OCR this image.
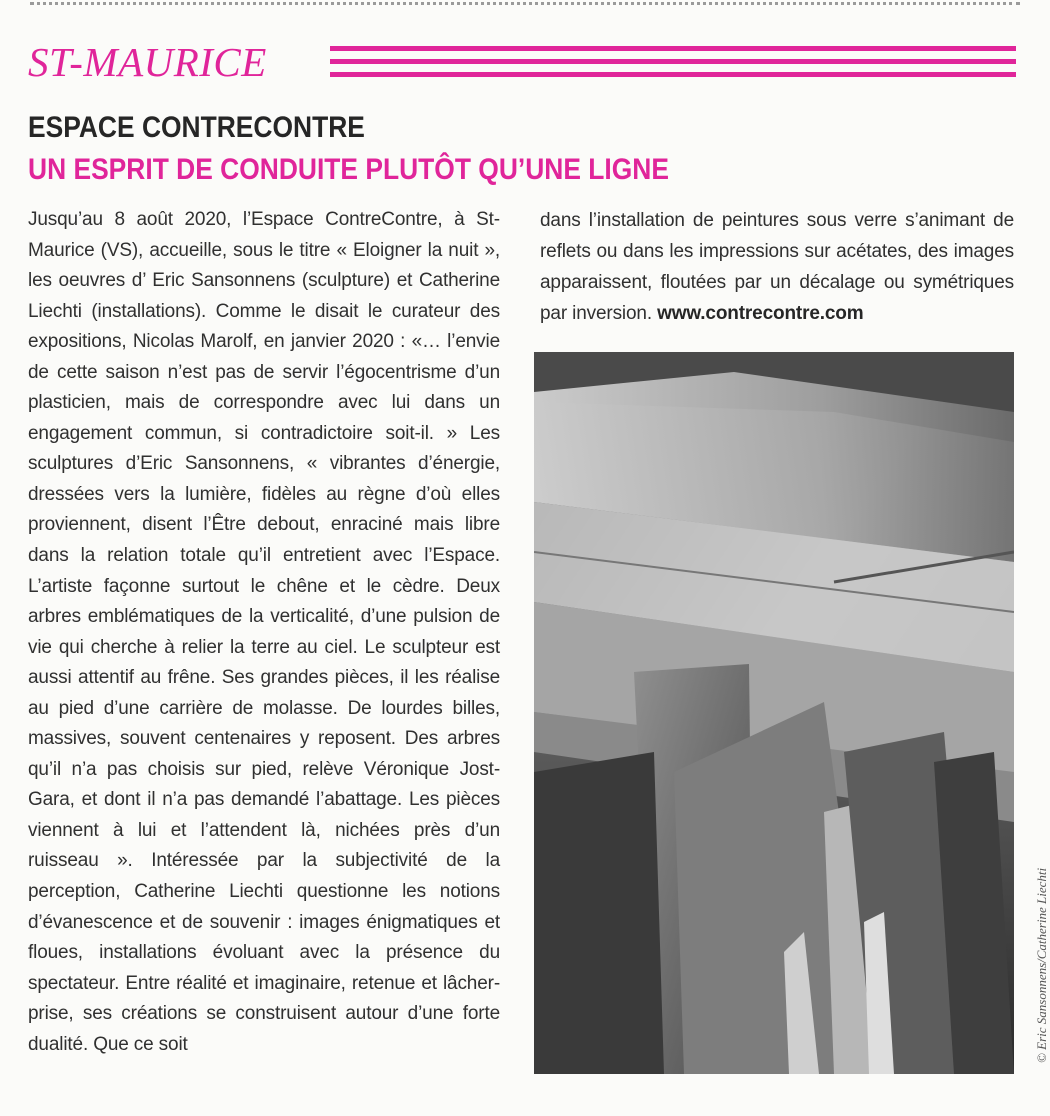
ST-MAURICE
ESPACE CONTRECONTRE
UN ESPRIT DE CONDUITE PLUTÔT QU’UNE LIGNE
Jusqu’au 8 août 2020, l’Espace ContreContre, à St-Maurice (VS), accueille, sous le titre « Eloigner la nuit », les oeuvres d’ Eric Sansonnens (sculpture) et Catherine Liechti (installations). Comme le disait le curateur des expositions, Nicolas Marolf, en janvier 2020 : «… l’envie de cette saison n’est pas de servir l’égocentrisme d’un plasticien, mais de correspondre avec lui dans un engagement commun, si contradictoire soit-il. » Les sculptures d’Eric Sansonnens, « vibrantes d’énergie, dressées vers la lumière, fidèles au règne d’où elles proviennent, disent l’Être debout, enraciné mais libre dans la relation totale qu’il entretient avec l’Espace. L’artiste façonne surtout le chêne et le cèdre. Deux arbres emblématiques de la verticalité, d’une pulsion de vie qui cherche à relier la terre au ciel. Le sculpteur est aussi attentif au frêne. Ses grandes pièces, il les réalise au pied d’une carrière de molasse. De lourdes billes, massives, souvent centenaires y reposent. Des arbres qu’il n’a pas choisis sur pied, relève Véronique Jost-Gara, et dont il n’a pas demandé l’abattage. Les pièces viennent à lui et l’attendent là, nichées près d’un ruisseau ». Intéressée par la subjectivité de la perception, Catherine Liechti questionne les notions d’évanescence et de souvenir : images énigmatiques et floues, installations évoluant avec la présence du spectateur. Entre réalité et imaginaire, retenue et lâcher-prise, ses créations se construisent autour d’une forte dualité. Que ce soit
dans l’installation de peintures sous verre s’animant de reflets ou dans les impressions sur acétates, des images apparaissent, floutées par un décalage ou symétriques par inversion. www.contrecontre.com
© Eric Sansonnens/Catherine Liechti
